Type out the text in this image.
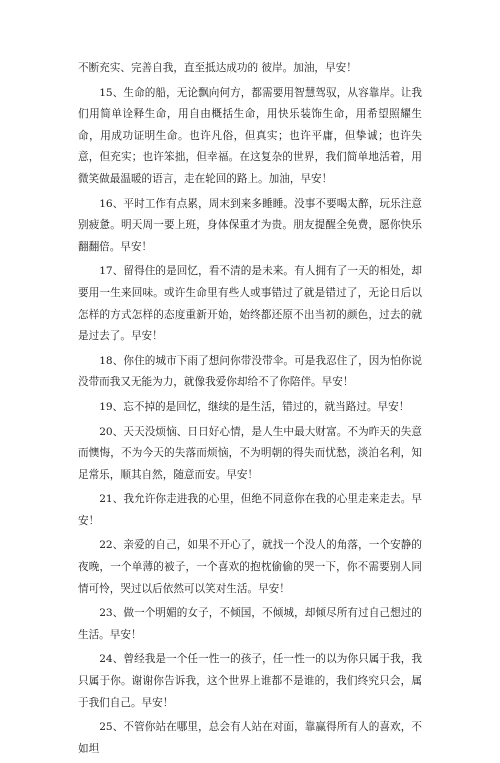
不断充实、完善自我，直至抵达成功的 彼岸。加油，早安！

15、生命的船，无论飘向何方，都需要用智慧驾驭，从容靠岸。让我们用简单诠释生命，用自由概括生命，用快乐装饰生命，用希望照耀生命，用成功证明生命。也许凡俗，但真实；也许平庸，但挚诚；也许失意，但充实；也许笨拙，但幸福。在这复杂的世界，我们简单地活着，用微笑做最温暖的语言，走在轮回的路上。加油，早安！

16、平时工作有点累，周末到来多睡睡。没事不要喝太醉，玩乐注意别疲惫。明天周一要上班，身体保重才为贵。朋友提醒全免费，愿你快乐翻翻倍。早安！

17、留得住的是回忆，看不清的是未来。有人拥有了一天的相处，却要用一生来回味。或许生命里有些人或事错过了就是错过了，无论日后以怎样的方式怎样的态度重新开始，始终都还原不出当初的颜色，过去的就是过去了。早安！

18、你住的城市下雨了想问你带没带伞。可是我忍住了，因为怕你说没带而我又无能为力，就像我爱你却给不了你陪伴。早安！

19、忘不掉的是回忆，继续的是生活，错过的，就当路过。早安！

20、天天没烦恼、日日好心情，是人生中最大财富。不为昨天的失意而懊悔，不为今天的失落而烦恼，不为明朝的得失而忧愁，淡泊名利，知足常乐，顺其自然，随意而安。早安！

21、我允许你走进我的心里，但绝不同意你在我的心里走来走去。早安！

22、亲爱的自己，如果不开心了，就找一个没人的角落，一个安静的夜晚，一个单薄的被子，一个喜欢的抱枕偷偷的哭一下，你不需要别人同情可怜，哭过以后依然可以笑对生活。早安！

23、做一个明媚的女子，不倾国，不倾城，却倾尽所有过自己想过的生活。早安！

24、曾经我是一个任一性一的孩子，任一性一的以为你只属于我，我只属于你。谢谢你告诉我，这个世界上谁都不是谁的，我们终究只会，属于我们自己。早安！

25、不管你站在哪里，总会有人站在对面，靠赢得所有人的喜欢，不如坦
